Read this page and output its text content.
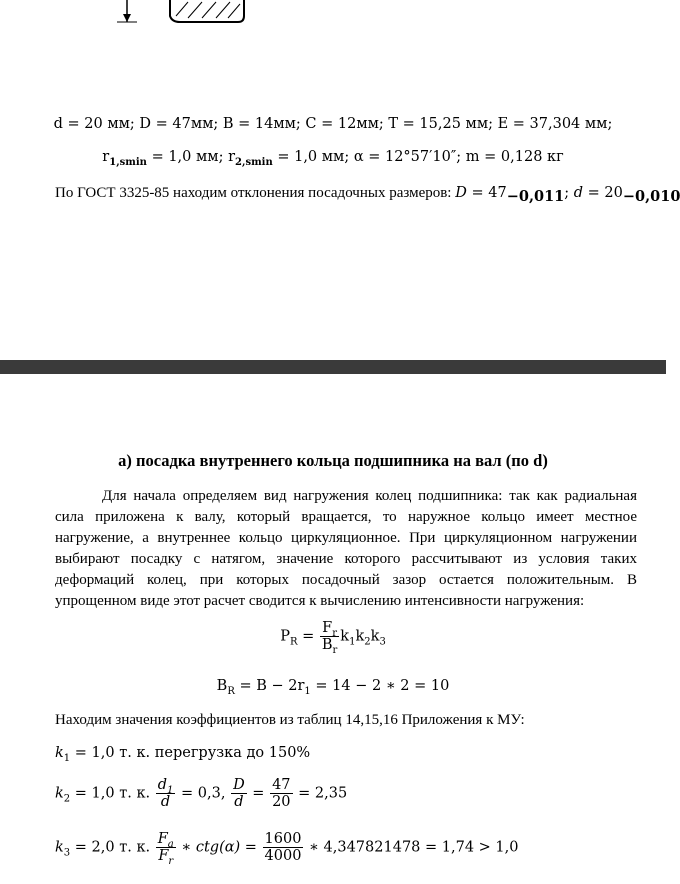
d = 20 мм; D = 47мм; B = 14мм; C = 12мм; T = 15,25 мм; E = 37,304 мм;
$r_{1,smin} = 1,0$ мм; $r_{2,smin} = 1,0$ мм; α = 12°57′10″; m = 0,128 кг
По ГОСТ 3325-85 находим отклонения посадочных размеров: $D = 47_{-0,011}$; $d = 20_{-0,010}$
а) посадка внутреннего кольца подшипника на вал (по d)
Для начала определяем вид нагружения колец подшипника: так как радиальная сила приложена к валу, который вращается, то наружное кольцо имеет местное нагружение, а внутреннее кольцо циркуляционное. При циркуляционном нагружении выбирают посадку с натягом, значение которого рассчитывают из условия таких деформаций колец, при которых посадочный зазор остается положительным. В упрощенном виде этот расчет сводится к вычислению интенсивности нагружения:
$P_R = \frac{F_r}{B_r} k_1k_2k_3$
$B_R = B - 2r_1 = 14 - 2$ ∗ 2 = 10
Находим значения коэффициентов из таблиц 14,15,16 Приложения к МУ:
$k_1 = 1,0$ т. к. перегрузка до 150%
$k_2 = 1,0$ т. к. $\frac{d_1}{d} = 0,3$, $\frac{D}{d} = \frac{47}{20} = 2,35$
$k_3 = 2,0$ т. к. $\frac{F_a}{F_r}$ ∗ $ctg(\alpha) = \frac{1600}{4000}$ ∗ 4,347821478 = 1,74 > 1,0
